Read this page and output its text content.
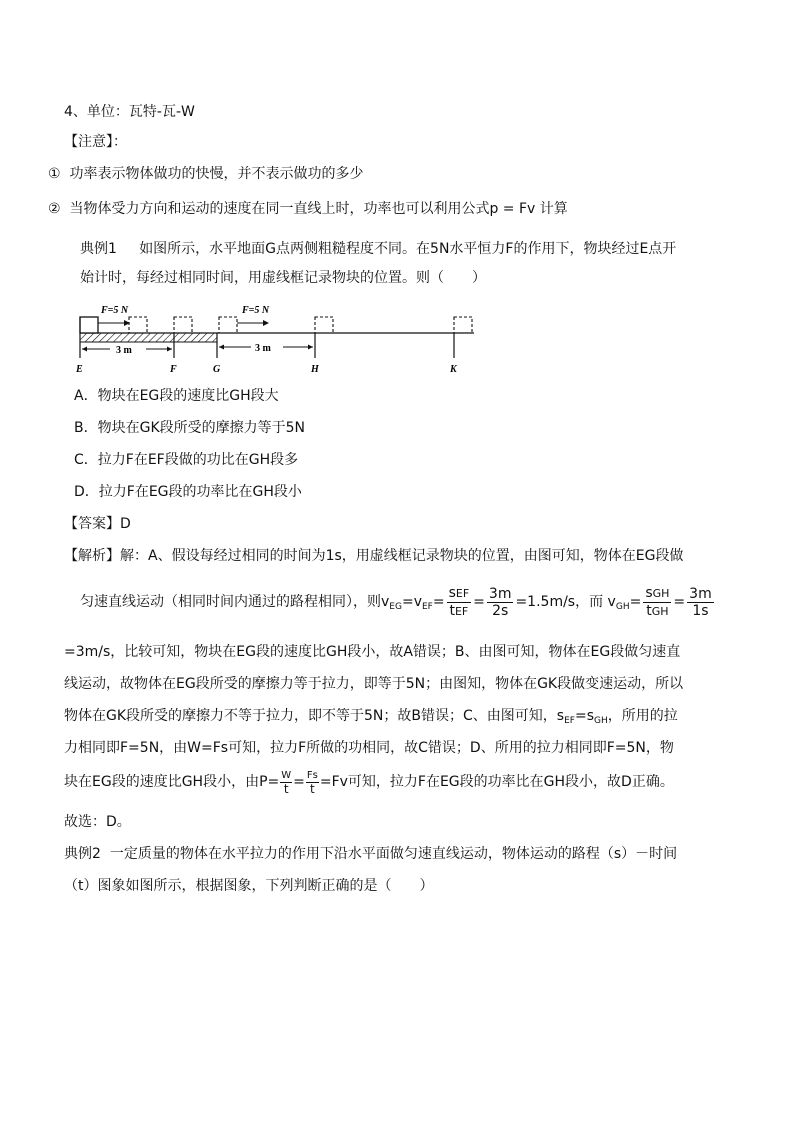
4、单位：瓦特-瓦-W
【注意】：
① 功率表示物体做功的快慢，并不表示做功的多少
② 当物体受力方向和运动的速度在同一直线上时，功率也可以利用公式p = Fv 计算
典例1 如图所示，水平地面G点两侧粗糙程度不同。在5N水平恒力F的作用下，物块经过E点开
始计时，每经过相同时间，用虚线框记录物块的位置。则（　　）
F=5 N	F=5 N
3 m	3 m
E	F	G	H	K
A．物块在EG段的速度比GH段大
B．物块在GK段所受的摩擦力等于5N
C．拉力F在EF段做的功比在GH段多
D．拉力F在EG段的功率比在GH段小
【答案】D
【解析】解：A、假设每经过相同的时间为1s，用虚线框记录物块的位置，由图可知，物体在EG段做
匀速直线运动（相同时间内通过的路程相同），则$v_{EG}=v_{EF}= \frac{\text{sEF}}{\text{tEF}} = \frac{3m}{2s} =1.5m/s$，而 $v_{GH}= \frac{\text{sGH}}{\text{tGH}} = \frac{3m}{1s}$
=3m/s，比较可知，物块在EG段的速度比GH段小，故A错误；B、由图可知，物体在EG段做匀速直
线运动，故物体在EG段所受的摩擦力等于拉力，即等于5N；由图知，物体在GK段做变速运动，所以
物体在GK段所受的摩擦力不等于拉力，即不等于5N；故B错误；C、由图可知，$s_{EF}=s_{GH}$，所用的拉
力相同即F=5N，由W=Fs可知，拉力F所做的功相同，故C错误；D、所用的拉力相同即F=5N，物
块在EG段的速度比GH段小，由$P= \frac{W}{t} = \frac{Fs}{t} =Fv$可知，拉力F在EG段的功率比在GH段小，故D正确。
故选：D。
典例2 一定质量的物体在水平拉力的作用下沿水平面做匀速直线运动，物体运动的路程（s）－时间
（t）图象如图所示，根据图象，下列判断正确的是（　　）
